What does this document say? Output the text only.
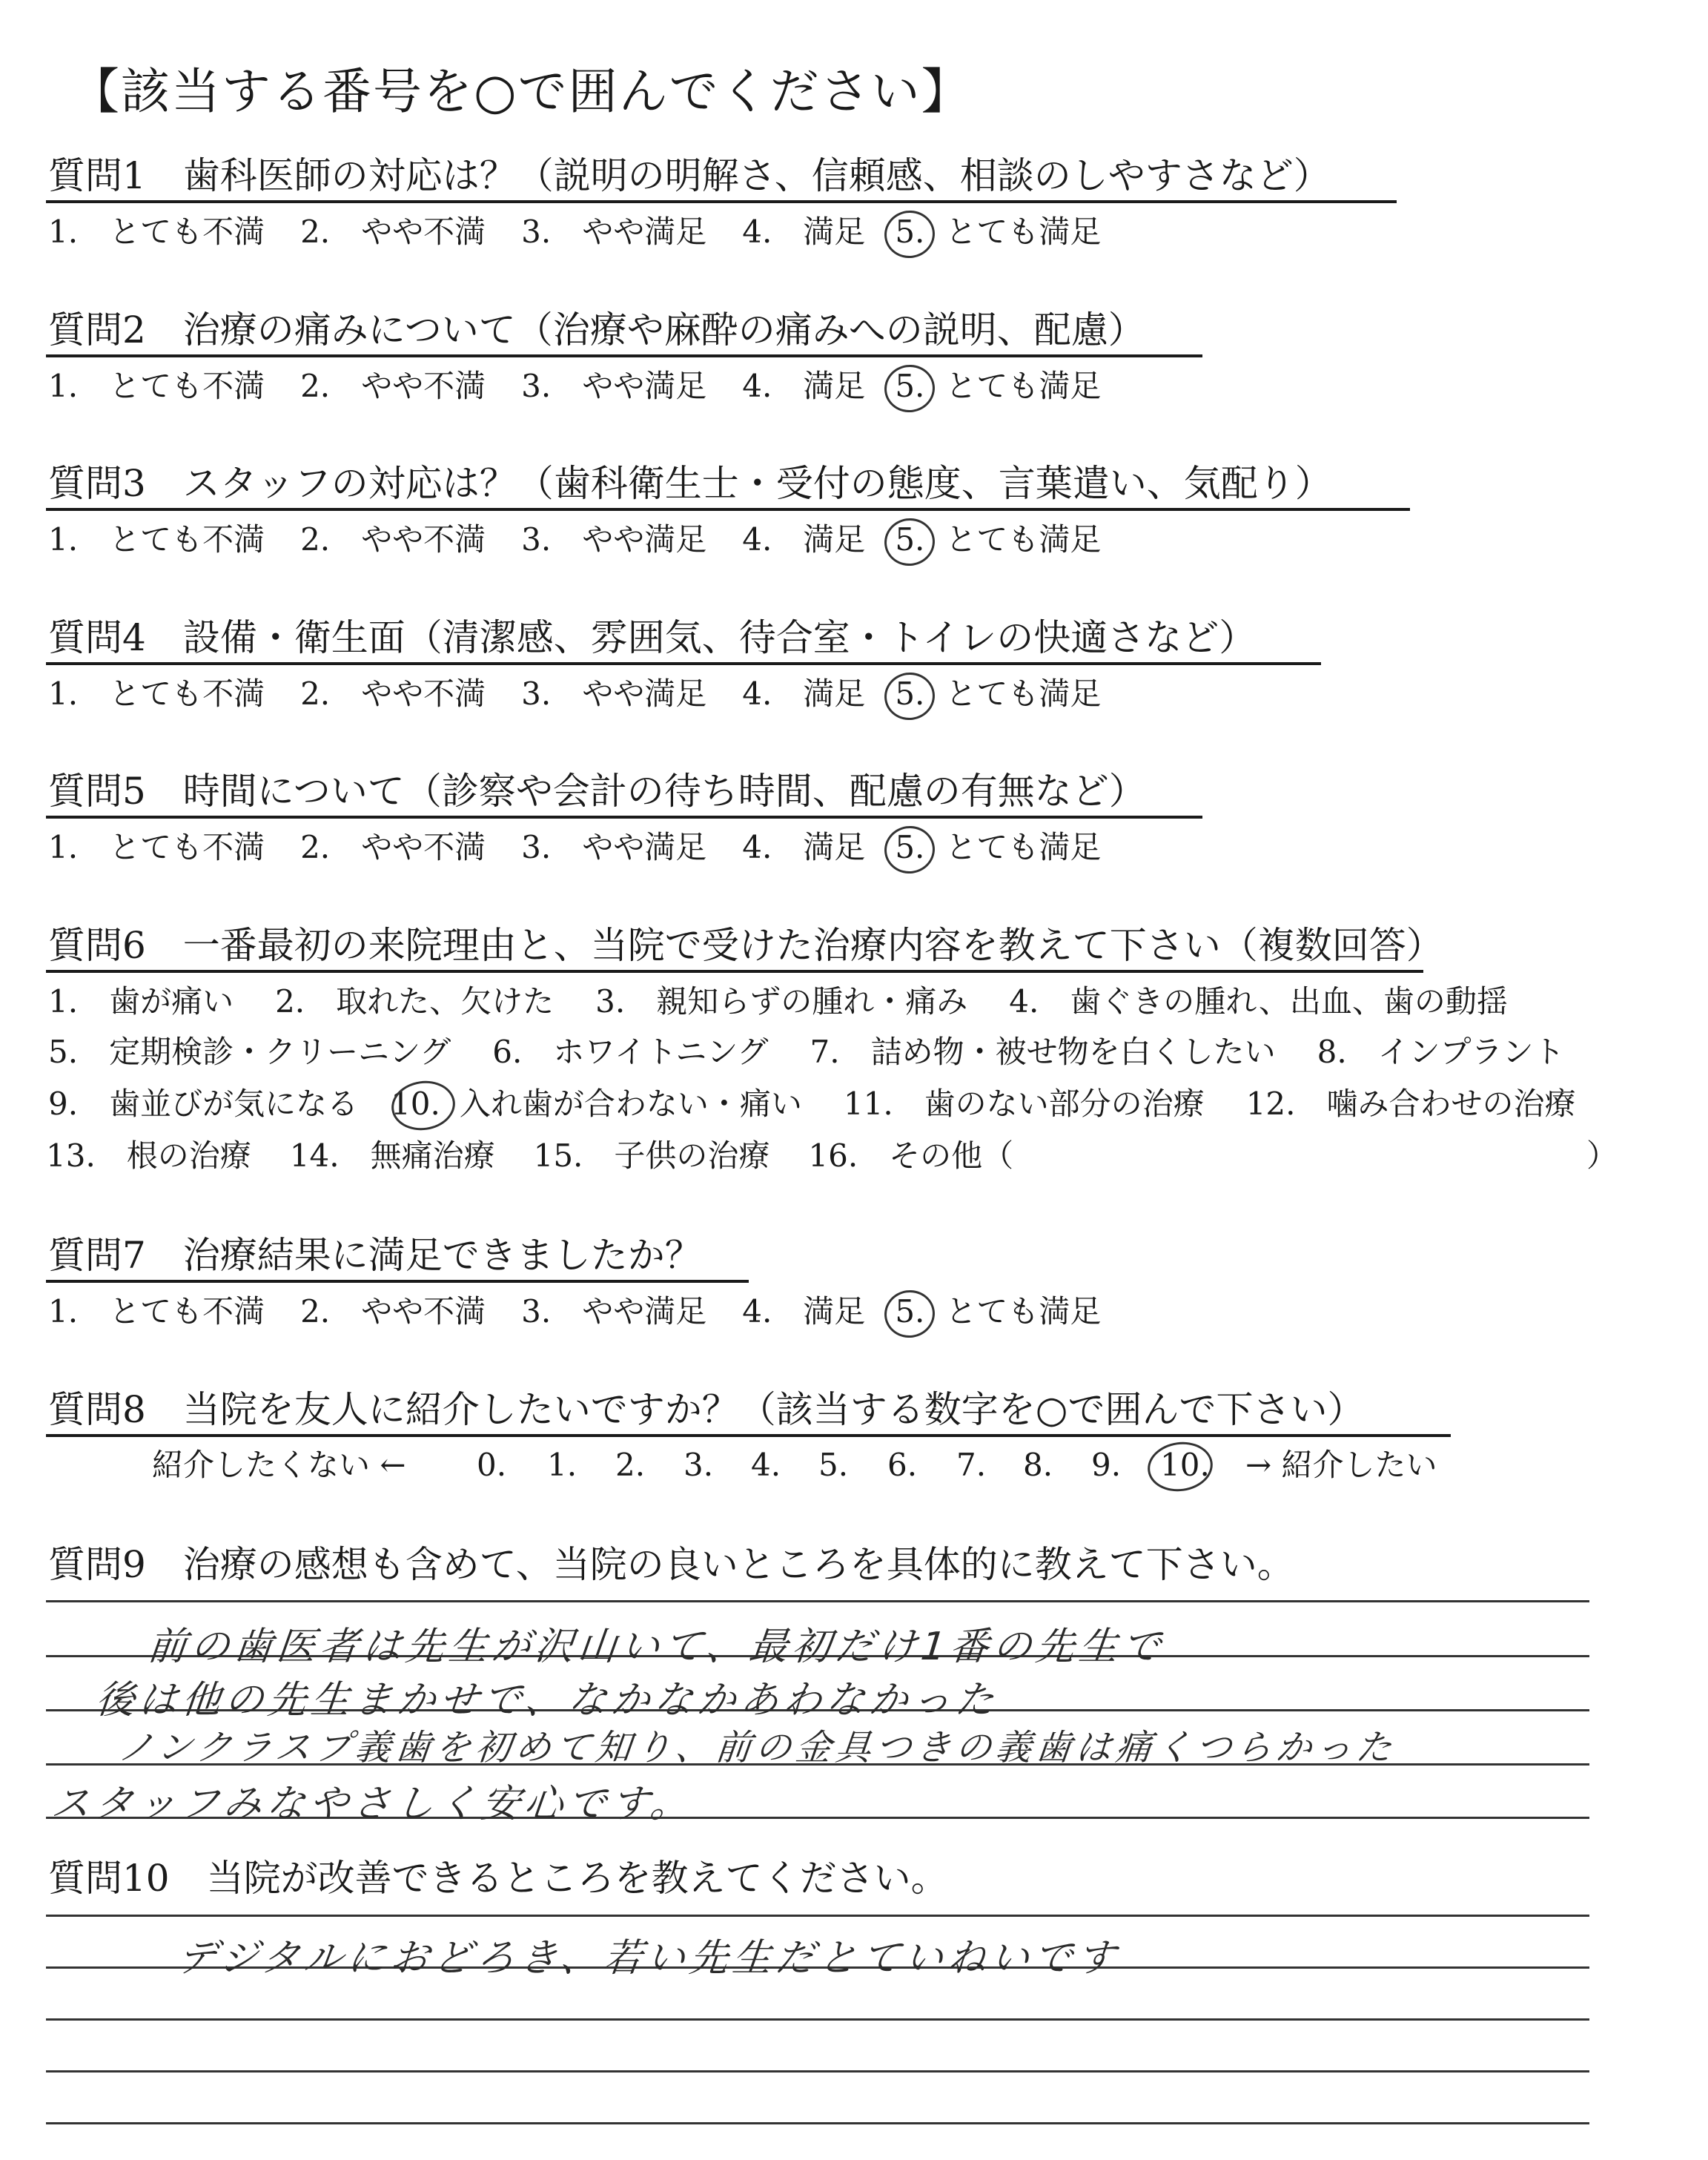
【該当する番号を○で囲んでください】
質問1　歯科医師の対応は？（説明の明解さ、信頼感、相談のしやすさなど）
1.　とても不満 2.　やや不満 3.　やや満足 4.　満足 5. とても満足
質問2　治療の痛みについて（治療や麻酔の痛みへの説明、配慮）
1.　とても不満 2.　やや不満 3.　やや満足 4.　満足 5. とても満足
質問3　スタッフの対応は？（歯科衛生士・受付の態度、言葉遣い、気配り）
1.　とても不満 2.　やや不満 3.　やや満足 4.　満足 5. とても満足
質問4　設備・衛生面（清潔感、雰囲気、待合室・トイレの快適さなど）
1.　とても不満 2.　やや不満 3.　やや満足 4.　満足 5. とても満足
質問5　時間について（診察や会計の待ち時間、配慮の有無など）
1.　とても不満 2.　やや不満 3.　やや満足 4.　満足 5. とても満足
質問6　一番最初の来院理由と、当院で受けた治療内容を教えて下さい（複数回答）
1.　歯が痛い 2.　取れた、欠けた 3.　親知らずの腫れ・痛み 4.　歯ぐきの腫れ、出血、歯の動揺
5.　定期検診・クリーニング 6.　ホワイトニング 7.　詰め物・被せ物を白くしたい 8.　インプラント
9.　歯並びが気になる 10. 入れ歯が合わない・痛い 11.　歯のない部分の治療 12.　噛み合わせの治療
13.　根の治療 14.　無痛治療 15.　子供の治療 16.　その他（	）
質問7　治療結果に満足できましたか？
1.　とても不満 2.　やや不満 3.　やや満足 4.　満足 5. とても満足
質問8　当院を友人に紹介したいですか？（該当する数字を○で囲んで下さい）
紹介したくない ← 0. 1. 2. 3. 4. 5. 6. 7. 8. 9. 10. → 紹介したい
質問9　治療の感想も含めて、当院の良いところを具体的に教えて下さい。
前の歯医者は先生が沢山いて、最初だけ1番の先生で
後は他の先生まかせで、なかなかあわなかった
ノンクラスプ義歯を初めて知り、前の金具つきの義歯は痛くつらかった
スタッフみなやさしく安心です。
質問10　当院が改善できるところを教えてください。
デジタルにおどろき、若い先生だとていねいです
